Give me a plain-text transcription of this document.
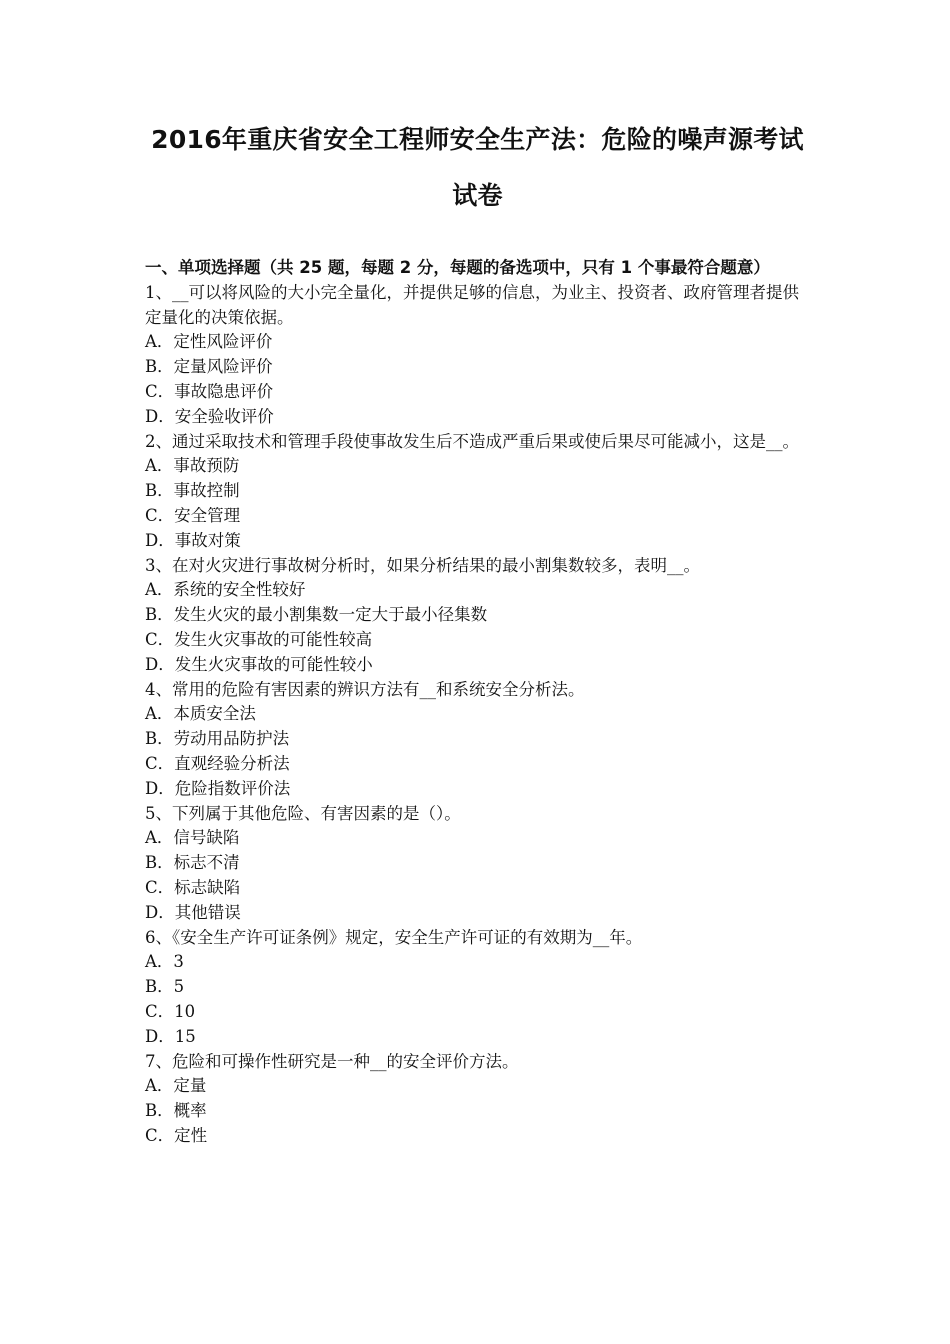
2016年重庆省安全工程师安全生产法：危险的噪声源考试
试卷
一、单项选择题（共 25 题，每题 2 分，每题的备选项中，只有 1 个事最符合题意）
1、__可以将风险的大小完全量化，并提供足够的信息，为业主、投资者、政府管理者提供定量化的决策依据。
A．定性风险评价
B．定量风险评价
C．事故隐患评价
D．安全验收评价
2、通过采取技术和管理手段使事故发生后不造成严重后果或使后果尽可能减小，这是__。
A．事故预防
B．事故控制
C．安全管理
D．事故对策
3、在对火灾进行事故树分析时，如果分析结果的最小割集数较多，表明__。
A．系统的安全性较好
B．发生火灾的最小割集数一定大于最小径集数
C．发生火灾事故的可能性较高
D．发生火灾事故的可能性较小
4、常用的危险有害因素的辨识方法有__和系统安全分析法。
A．本质安全法
B．劳动用品防护法
C．直观经验分析法
D．危险指数评价法
5、下列属于其他危险、有害因素的是（）。
A．信号缺陷
B．标志不清
C．标志缺陷
D．其他错误
6、《安全生产许可证条例》规定，安全生产许可证的有效期为__年。
A．3
B．5
C．10
D．15
7、危险和可操作性研究是一种__的安全评价方法。
A．定量
B．概率
C．定性
